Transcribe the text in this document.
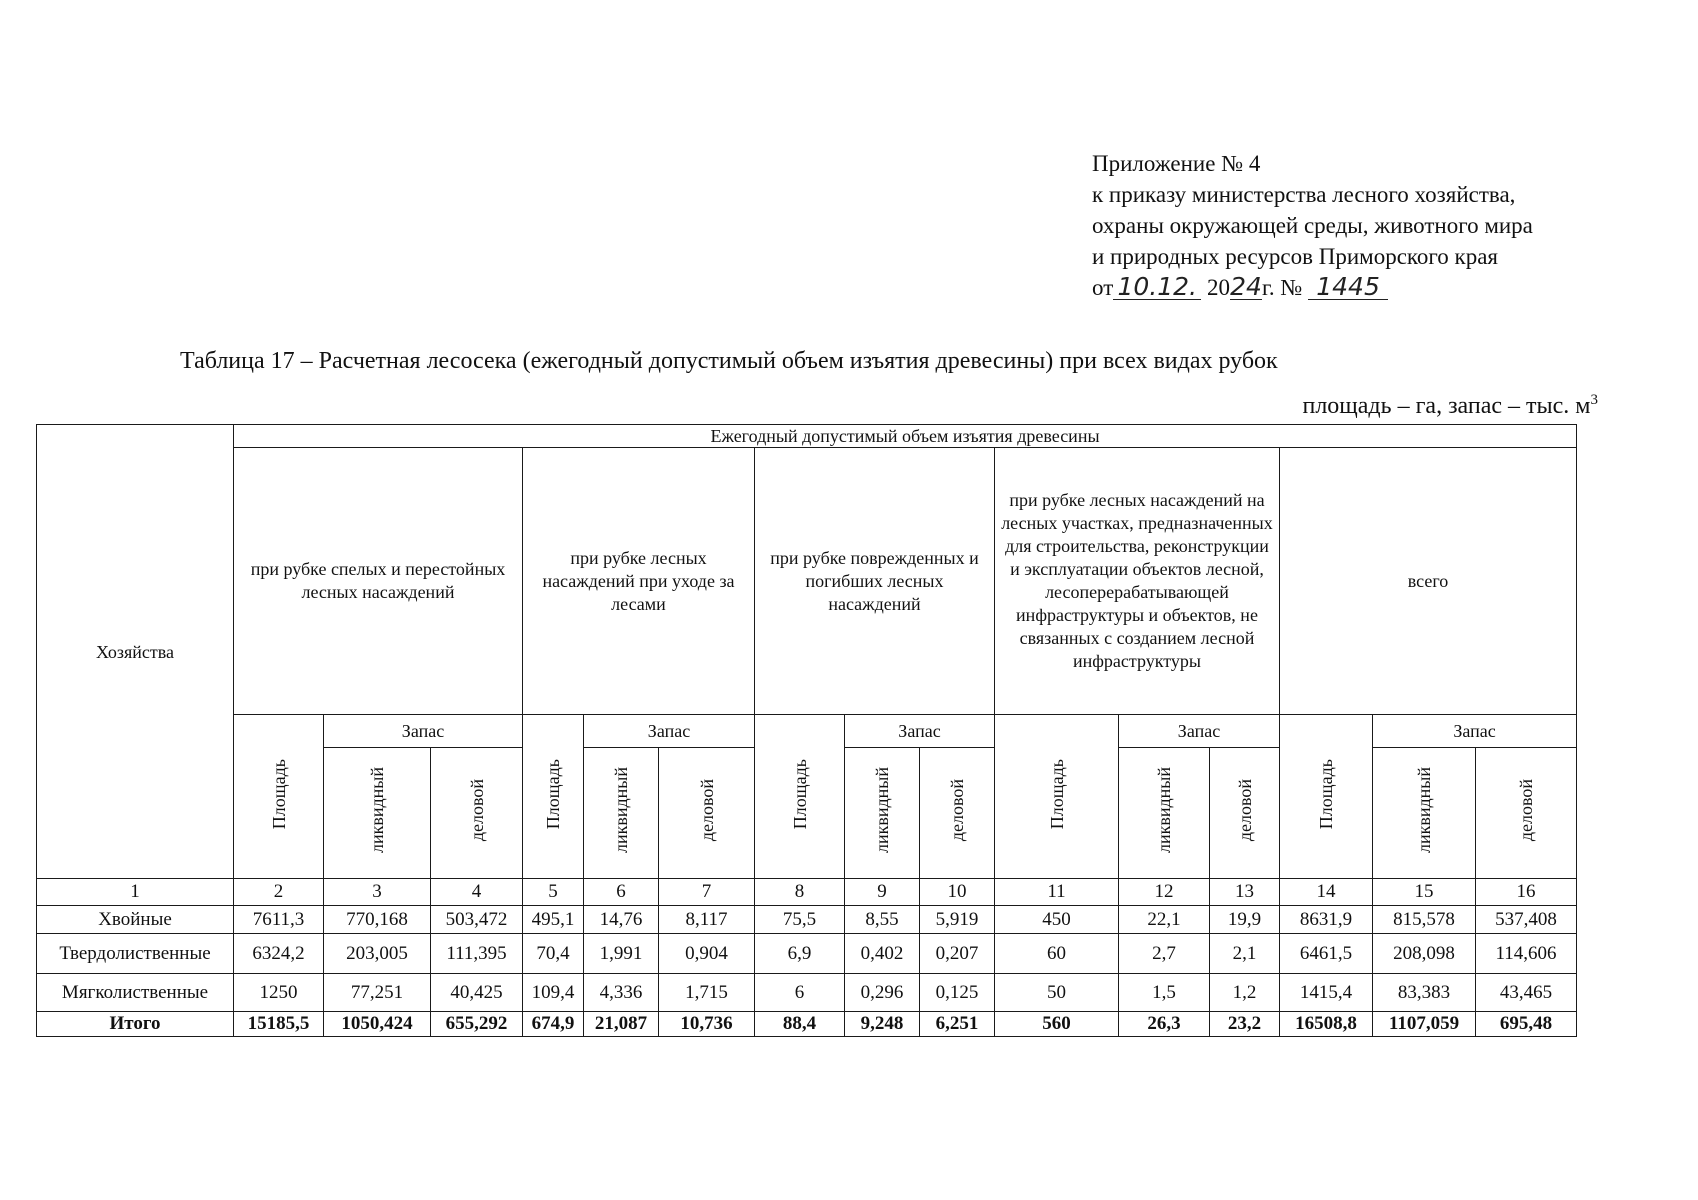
Приложение № 4
к приказу министерства лесного хозяйства,
охраны окружающей среды, животного мира
и природных ресурсов Приморского края
от 10.12. 2024г. № 1445
Таблица 17 – Расчетная лесосека (ежегодный допустимый объем изъятия древесины) при всех видах рубок
площадь – га, запас – тыс. $м^3$
Хозяйства	Ежегодный допустимый объем изъятия древесины														
	при рубке спелых и перестойных лесных насаждений			при рубке лесных насаждений при уходе за лесами			при рубке поврежденных и погибших лесных насаждений			при рубке лесных насаждений на лесных участках, предназначенных для строительства, реконструкции и эксплуатации объектов лесной, лесоперерабатывающей инфраструктуры и объектов, не связанных с созданием лесной инфраструктуры			всего		
	Площадь	Запас		Площадь	Запас		Площадь	Запас		Площадь	Запас		Площадь	Запас	
		ликвидный	деловой		ликвидный	деловой		ликвидный	деловой		ликвидный	деловой		ликвидный	деловой
1	2	3	4	5	6	7	8	9	10	11	12	13	14	15	16
Хвойные	7611,3	770,168	503,472	495,1	14,76	8,117	75,5	8,55	5,919	450	22,1	19,9	8631,9	815,578	537,408
Твердолиственные	6324,2	203,005	111,395	70,4	1,991	0,904	6,9	0,402	0,207	60	2,7	2,1	6461,5	208,098	114,606
Мягколиственные	1250	77,251	40,425	109,4	4,336	1,715	6	0,296	0,125	50	1,5	1,2	1415,4	83,383	43,465
Итого	15185,5	1050,424	655,292	674,9	21,087	10,736	88,4	9,248	6,251	560	26,3	23,2	16508,8	1107,059	695,48
